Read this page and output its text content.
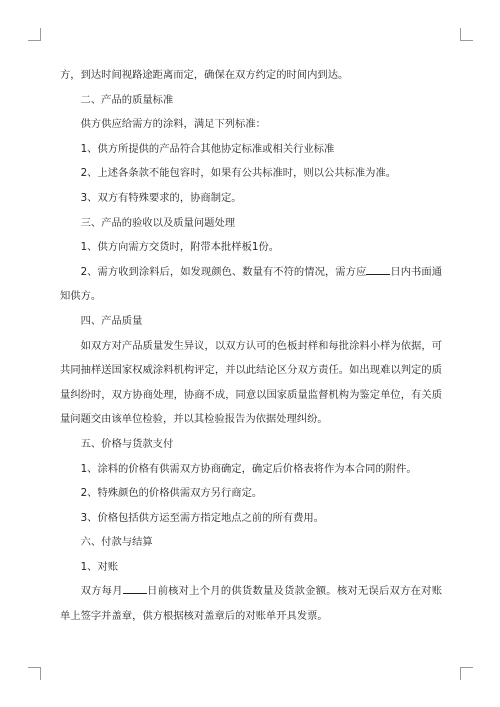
方，到达时间视路途距离而定，确保在双方约定的时间内到达。

二、产品的质量标准

供方供应给需方的涂料，满足下列标准：

1、供方所提供的产品符合其他协定标准或相关行业标准

2、上述各条款不能包容时，如果有公共标准时，则以公共标准为准。

3、双方有特殊要求的，协商制定。

三、产品的验收以及质量问题处理

1、供方向需方交货时，附带本批样板1份。

2、需方收到涂料后，如发现颜色、数量有不符的情况，需方应 日内书面通知供方。

四、产品质量

如双方对产品质量发生异议，以双方认可的色板封样和每批涂料小样为依据，可共同抽样送国家权威涂料机构评定，并以此结论区分双方责任。如出现难以判定的质量纠纷时，双方协商处理，协商不成，同意以国家质量监督机构为鉴定单位，有关质量问题交由该单位检验，并以其检验报告为依据处理纠纷。

五、价格与货款支付

1、涂料的价格有供需双方协商确定，确定后价格表将作为本合同的附件。

2、特殊颜色的价格供需双方另行商定。

3、价格包括供方运至需方指定地点之前的所有费用。

六、付款与结算

1、对账

双方每月 日前核对上个月的供货数量及货款金额。核对无误后双方在对账单上签字并盖章，供方根据核对盖章后的对账单开具发票。
